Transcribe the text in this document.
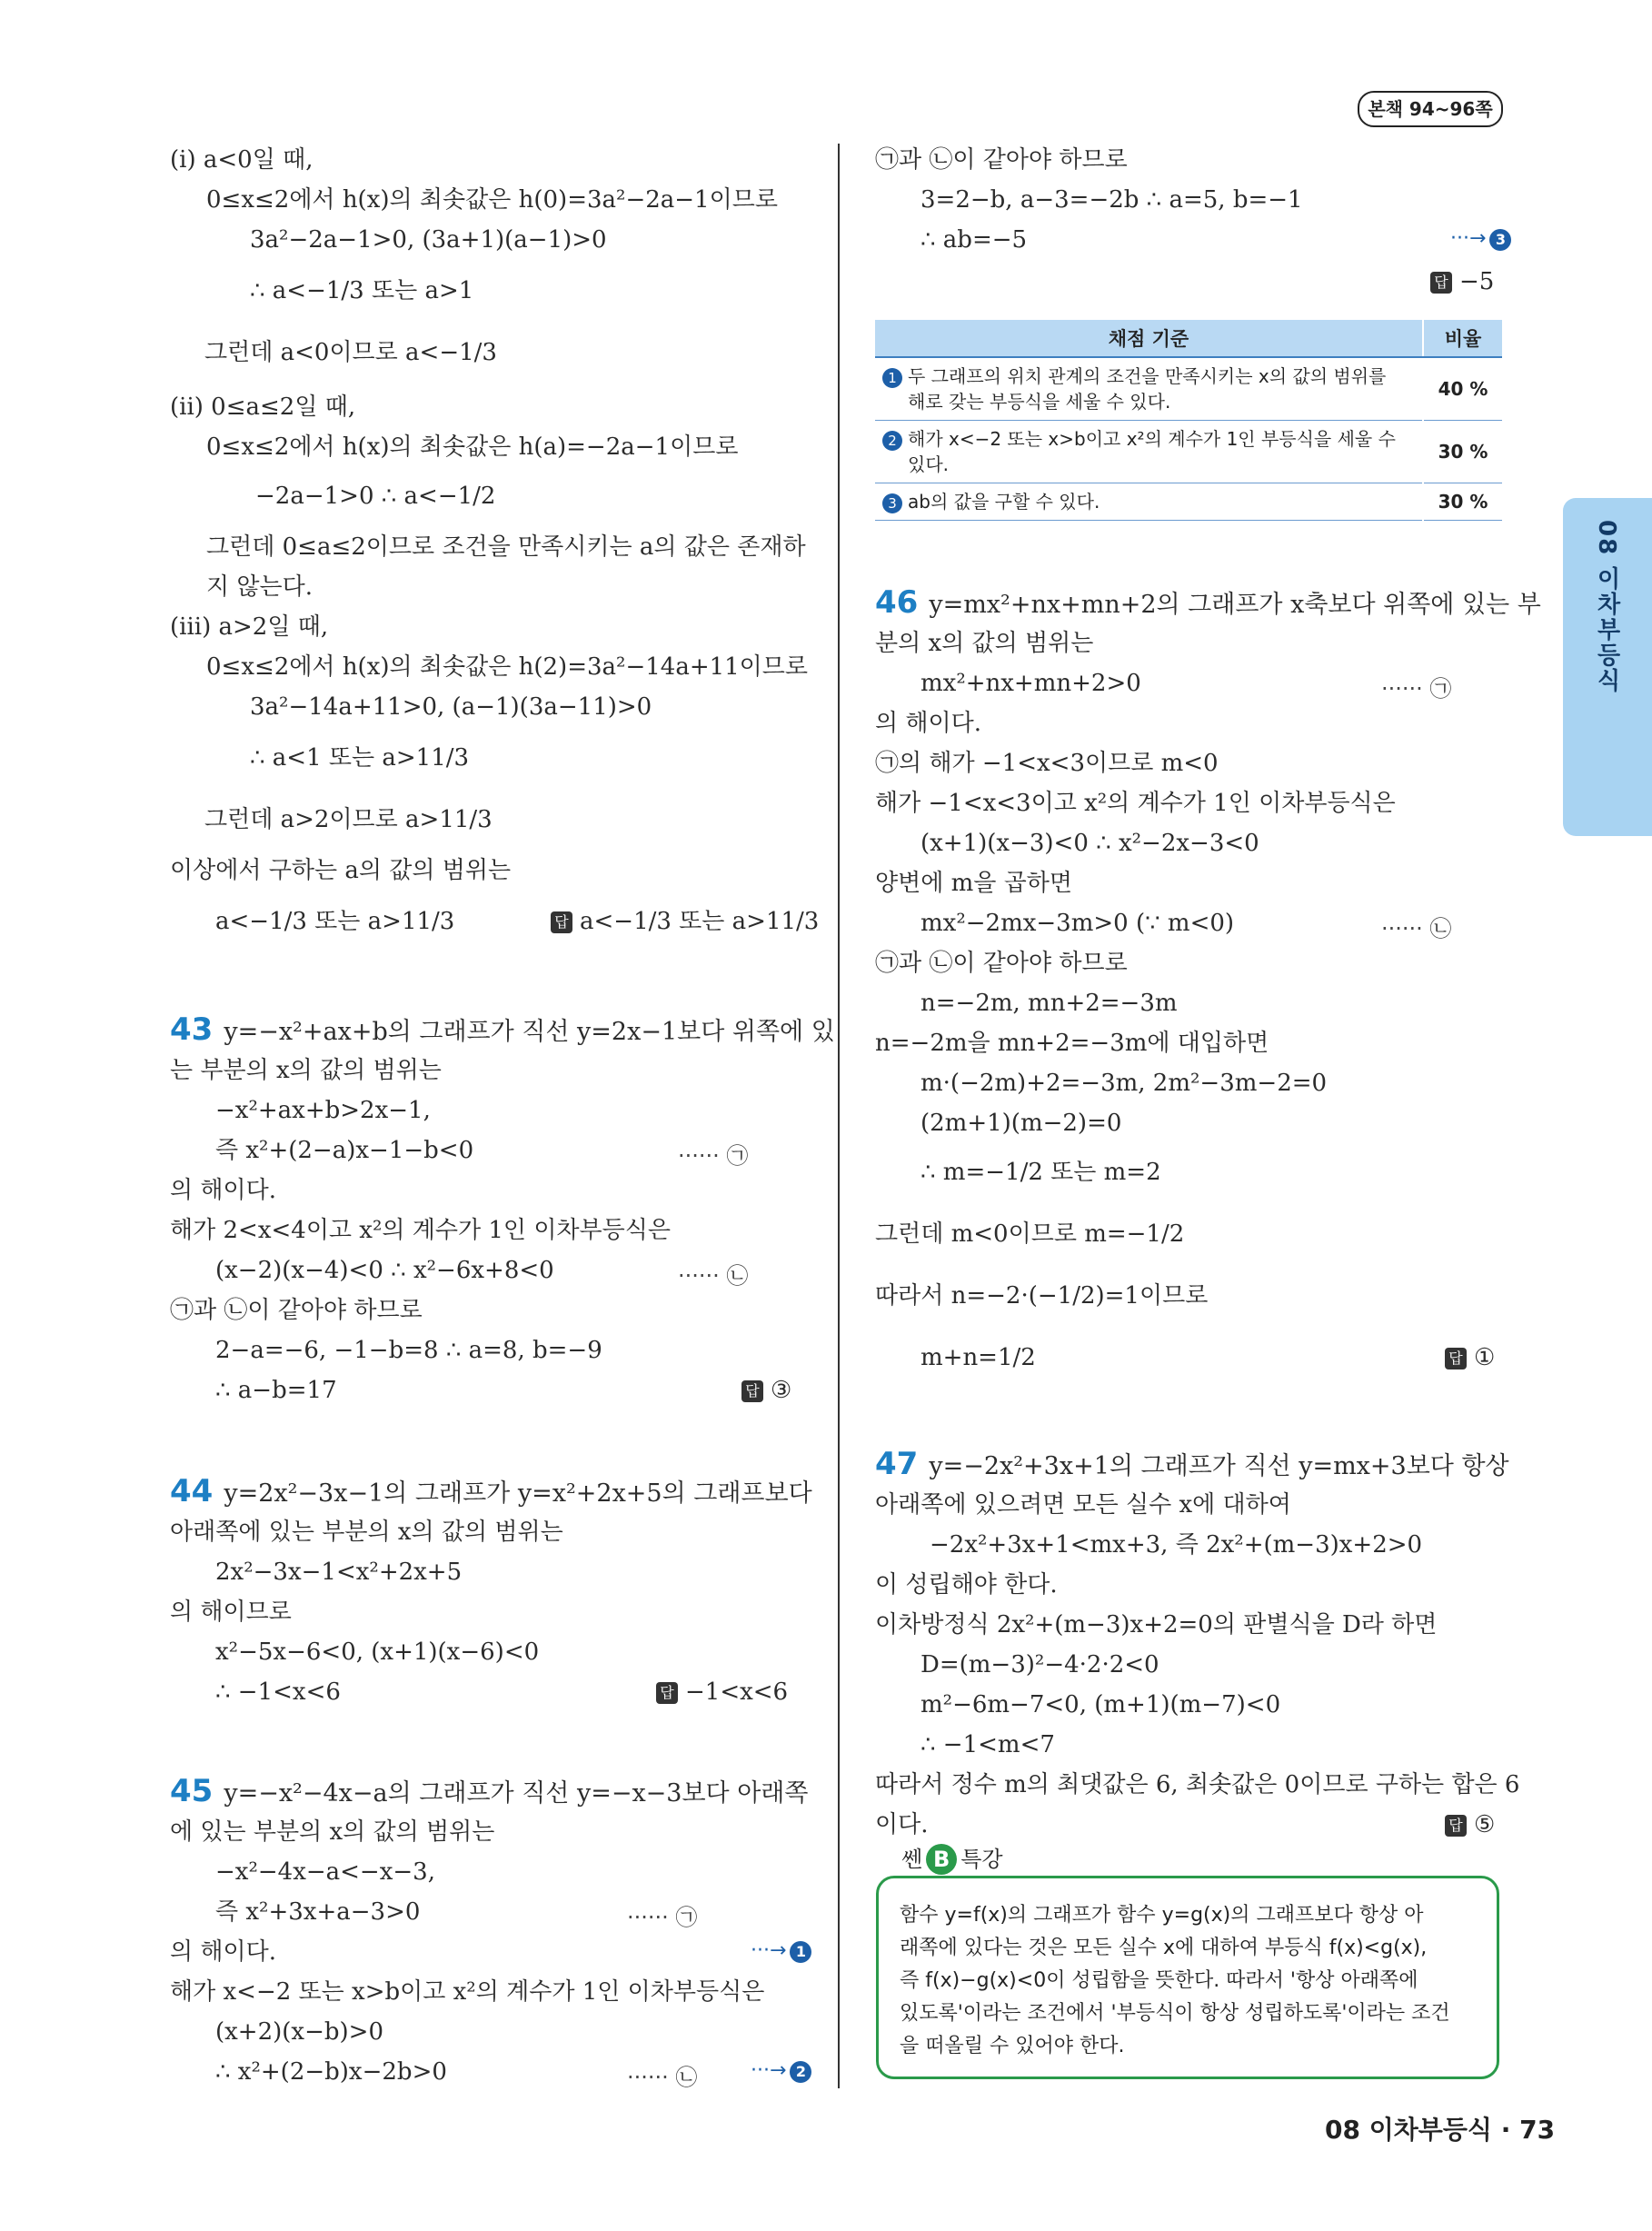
본책 94~96쪽
08 이차부등식
(i) a<0일 때,
0≤x≤2에서 h(x)의 최솟값은 h(0)=3a²−2a−1이므로
3a²−2a−1>0, (3a+1)(a−1)>0
∴ a<−1/3 또는 a>1
그런데 a<0이므로 a<−1/3
(ii) 0≤a≤2일 때,
0≤x≤2에서 h(x)의 최솟값은 h(a)=−2a−1이므로
−2a−1>0 ∴ a<−1/2
그런데 0≤a≤2이므로 조건을 만족시키는 a의 값은 존재하
지 않는다.
(iii) a>2일 때,
0≤x≤2에서 h(x)의 최솟값은 h(2)=3a²−14a+11이므로
3a²−14a+11>0, (a−1)(3a−11)>0
∴ a<1 또는 a>11/3
그런데 a>2이므로 a>11/3
이상에서 구하는 a의 값의 범위는
a<−1/3 또는 a>11/3	답 a<−1/3 또는 a>11/3
43 y=−x²+ax+b의 그래프가 직선 y=2x−1보다 위쪽에 있
는 부분의 x의 값의 범위는
−x²+ax+b>2x−1,
즉 x²+(2−a)x−1−b<0	······ ㉠
의 해이다.
해가 2<x<4이고 x²의 계수가 1인 이차부등식은
(x−2)(x−4)<0 ∴ x²−6x+8<0	······ ㉡
㉠과 ㉡이 같아야 하므로
2−a=−6, −1−b=8 ∴ a=8, b=−9
∴ a−b=17	답 ③
44 y=2x²−3x−1의 그래프가 y=x²+2x+5의 그래프보다
아래쪽에 있는 부분의 x의 값의 범위는
2x²−3x−1<x²+2x+5
의 해이므로
x²−5x−6<0, (x+1)(x−6)<0
∴ −1<x<6	답 −1<x<6
45 y=−x²−4x−a의 그래프가 직선 y=−x−3보다 아래쪽
에 있는 부분의 x의 값의 범위는
−x²−4x−a<−x−3,
즉 x²+3x+a−3>0	······ ㉠
의 해이다.	···→ 1
해가 x<−2 또는 x>b이고 x²의 계수가 1인 이차부등식은
(x+2)(x−b)>0
∴ x²+(2−b)x−2b>0	······ ㉡	···→ 2
㉠과 ㉡이 같아야 하므로
3=2−b, a−3=−2b ∴ a=5, b=−1
∴ ab=−5	···→ 3
답 −5
채점 기준	비율
1 두 그래프의 위치 관계의 조건을 만족시키는 x의 값의 범위를
해로 갖는 부등식을 세울 수 있다.	40 %
2 해가 x<−2 또는 x>b이고 x²의 계수가 1인 부등식을 세울 수
있다.	30 %
3 ab의 값을 구할 수 있다.	30 %
46 y=mx²+nx+mn+2의 그래프가 x축보다 위쪽에 있는 부
분의 x의 값의 범위는
mx²+nx+mn+2>0	······ ㉠
의 해이다.
㉠의 해가 −1<x<3이므로 m<0
해가 −1<x<3이고 x²의 계수가 1인 이차부등식은
(x+1)(x−3)<0 ∴ x²−2x−3<0
양변에 m을 곱하면
mx²−2mx−3m>0 (∵ m<0)	······ ㉡
㉠과 ㉡이 같아야 하므로
n=−2m, mn+2=−3m
n=−2m을 mn+2=−3m에 대입하면
m·(−2m)+2=−3m, 2m²−3m−2=0
(2m+1)(m−2)=0
∴ m=−1/2 또는 m=2
그런데 m<0이므로 m=−1/2
따라서 n=−2·(−1/2)=1이므로
m+n=1/2	답 ①
47 y=−2x²+3x+1의 그래프가 직선 y=mx+3보다 항상
아래쪽에 있으려면 모든 실수 x에 대하여
−2x²+3x+1<mx+3, 즉 2x²+(m−3)x+2>0
이 성립해야 한다.
이차방정식 2x²+(m−3)x+2=0의 판별식을 D라 하면
D=(m−3)²−4·2·2<0
m²−6m−7<0, (m+1)(m−7)<0
∴ −1<m<7
따라서 정수 m의 최댓값은 6, 최솟값은 0이므로 구하는 합은 6
이다.	답 ⑤
쎈 B 특강
함수 y=f(x)의 그래프가 함수 y=g(x)의 그래프보다 항상 아
래쪽에 있다는 것은 모든 실수 x에 대하여 부등식 f(x)<g(x),
즉 f(x)−g(x)<0이 성립함을 뜻한다. 따라서 '항상 아래쪽에
있도록'이라는 조건에서 '부등식이 항상 성립하도록'이라는 조건
을 떠올릴 수 있어야 한다.
08 이차부등식 · 73
